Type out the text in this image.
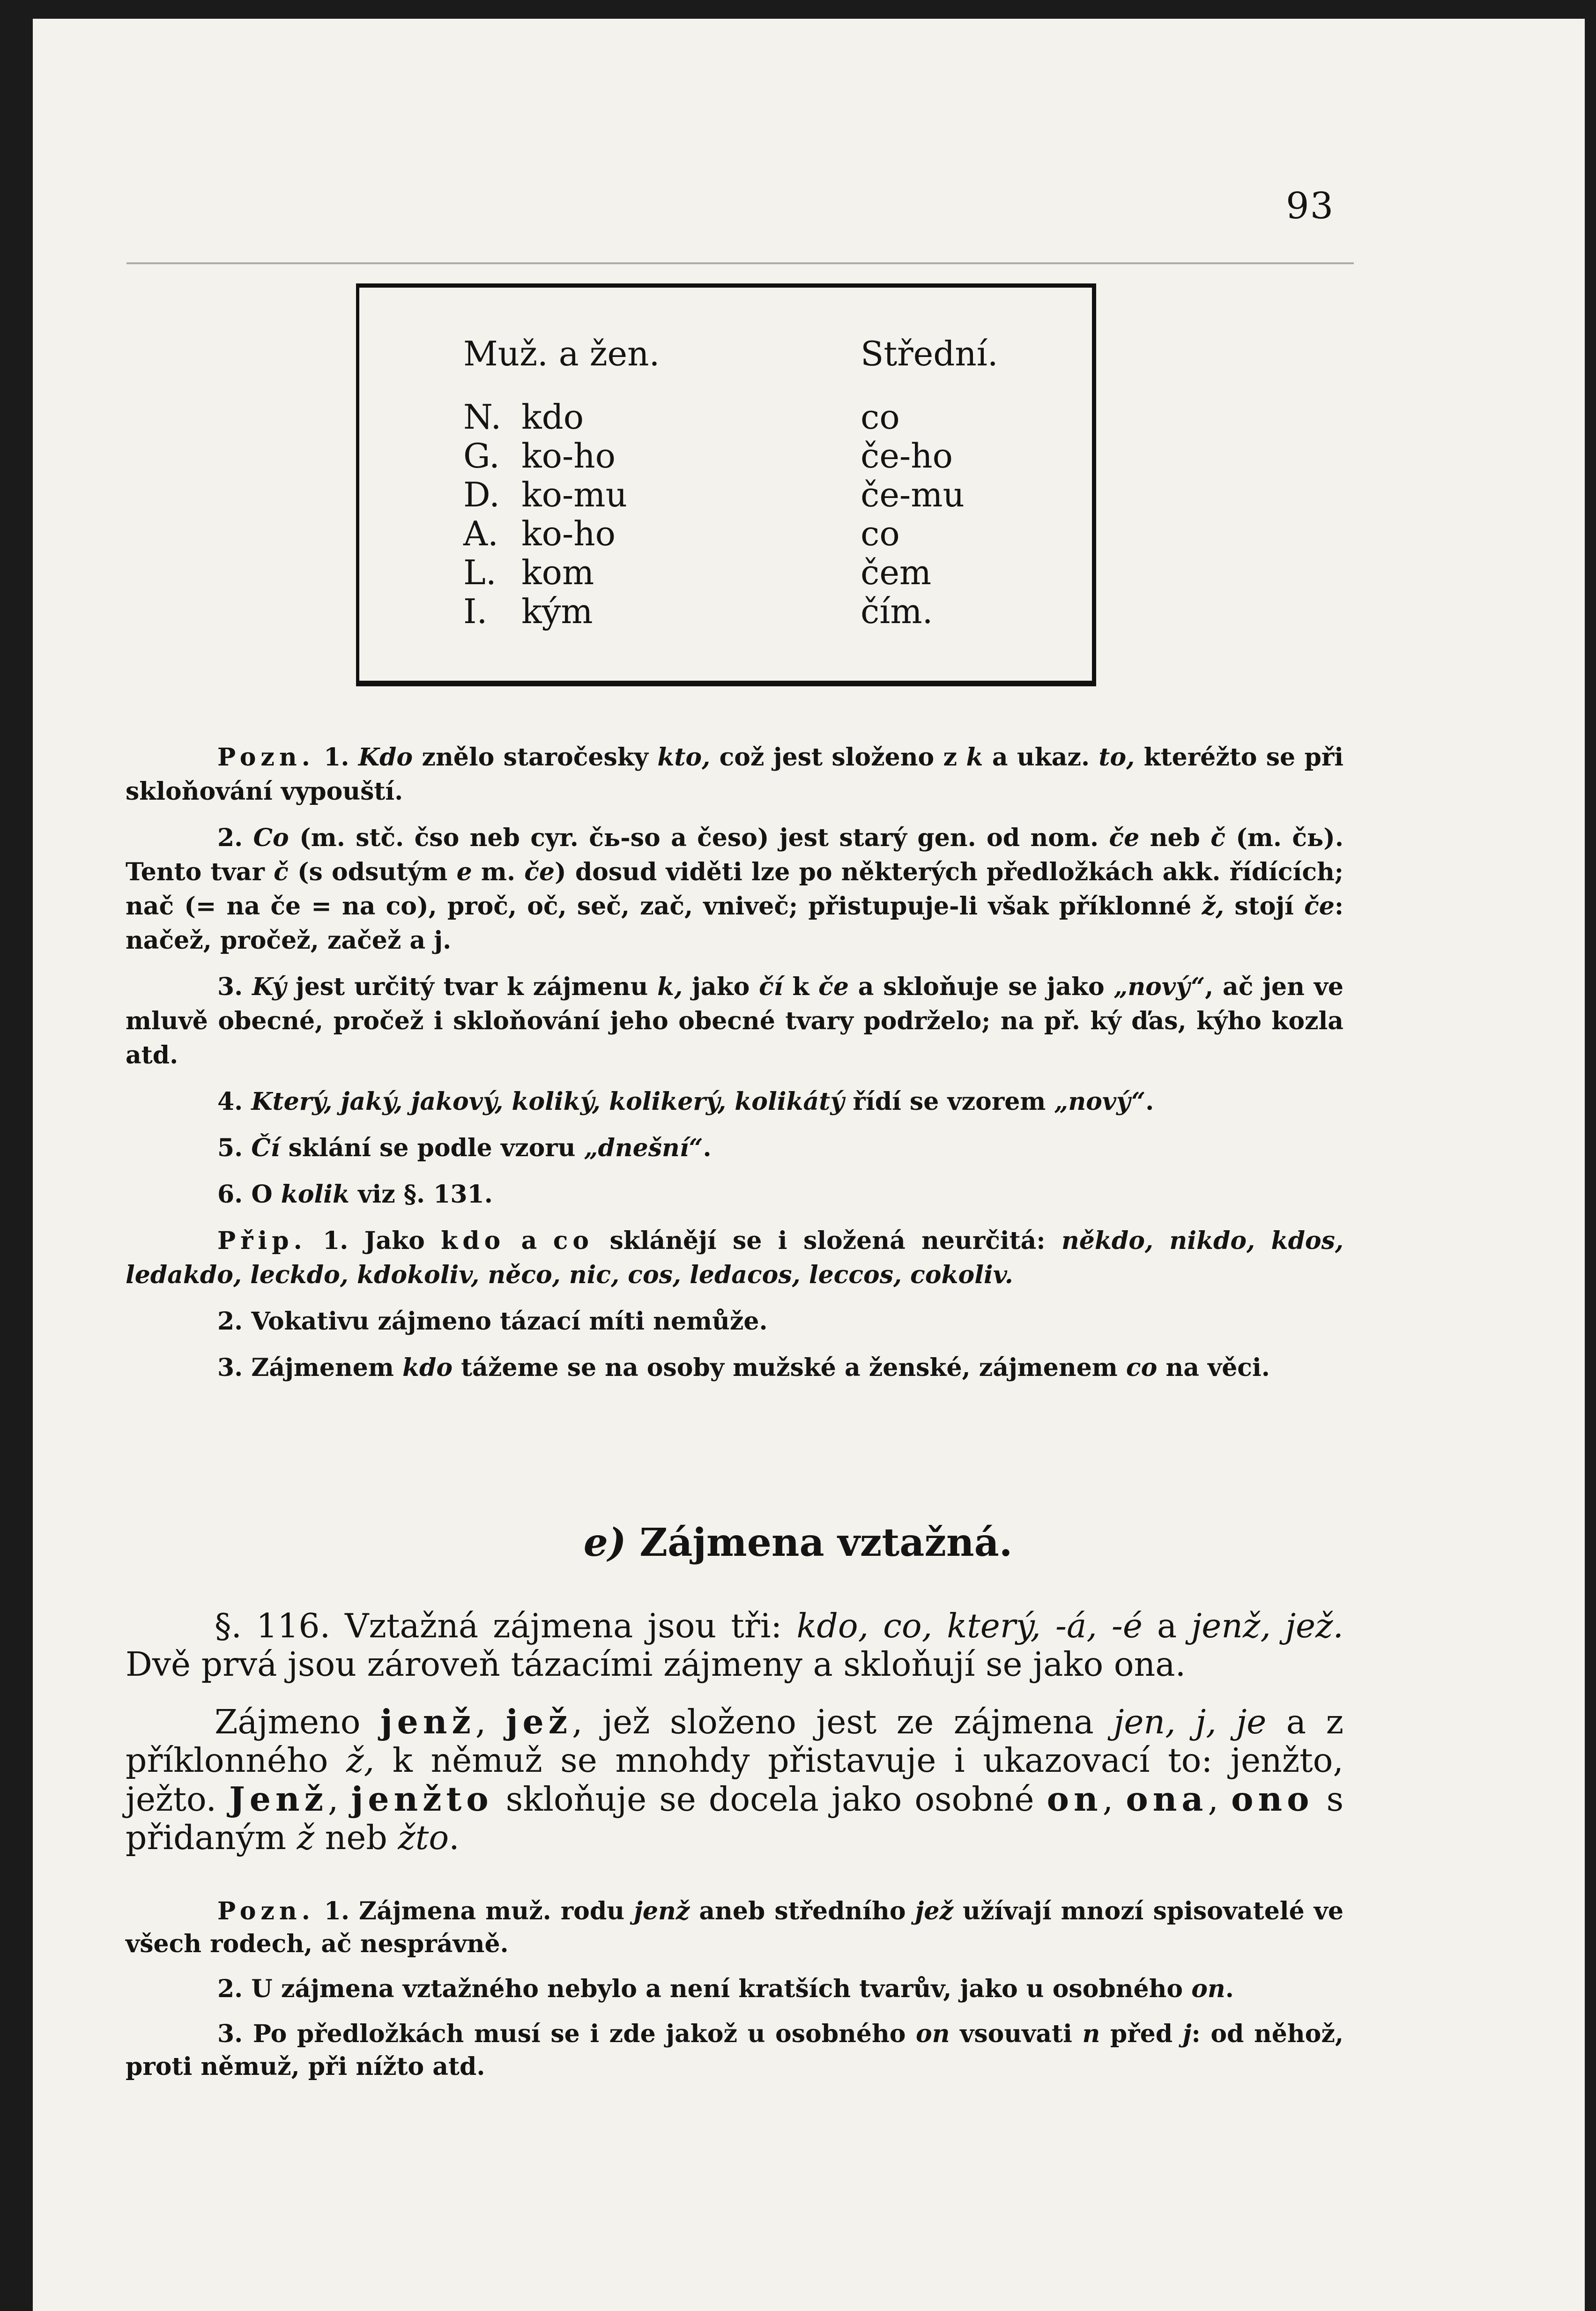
93
Muž. a žen.
N. kdo
G. ko-ho
D. ko-mu
A. ko-ho
L. kom
I. kým
Střední.
co
če-ho
če-mu
co
čem
čím.

Pozn. 1. Kdo znělo staročesky kto, což jest složeno z k a ukaz. to, kteréžto se při skloňování vypouští.

2. Co (m. stč. čso neb cyr. čь-so a česo) jest starý gen. od nom. če neb č (m. čь). Tento tvar č (s odsutým e m. če) dosud viděti lze po některých předložkách akk. řídících; nač (= na če = na co), proč, oč, seč, zač, vniveč; přistupuje-li však příklonné ž, stojí če: načež, pročež, začež a j.

3. Ký jest určitý tvar k zájmenu k, jako čí k če a skloňuje se jako „nový“, ač jen ve mluvě obecné, pročež i skloňování jeho obecné tvary podrželo; na př. ký ďas, kýho kozla atd.

4. Který, jaký, jakový, koliký, kolikerý, kolikátý řídí se vzorem „nový“.

5. Čí sklání se podle vzoru „dnešní“.

6. O kolik viz §. 131.

Přip. 1. Jako kdo a co sklánějí se i složená neurčitá: někdo, nikdo, kdos, ledakdo, leckdo, kdokoliv, něco, nic, cos, ledacos, leccos, cokoliv.

2. Vokativu zájmeno tázací míti nemůže.

3. Zájmenem kdo tážeme se na osoby mužské a ženské, zájmenem co na věci.

e) Zájmena vztažná.

§. 116. Vztažná zájmena jsou tři: kdo, co, který, -á, -é a jenž, jež. Dvě prvá jsou zároveň tázacími zájmeny a skloňují se jako ona.

Zájmeno jenž, jež, jež složeno jest ze zájmena jen, j, je a z příklonného ž, k němuž se mnohdy přistavuje i ukazovací to: jenžto, ježto. Jenž, jenžto skloňuje se docela jako osobné on, ona, ono s přidaným ž neb žto.

Pozn. 1. Zájmena muž. rodu jenž aneb středního jež užívají mnozí spisovatelé ve všech rodech, ač nesprávně.

2. U zájmena vztažného nebylo a není kratších tvarův, jako u osobného on.

3. Po předložkách musí se i zde jakož u osobného on vsouvati n před j: od něhož, proti němuž, při nížto atd.
